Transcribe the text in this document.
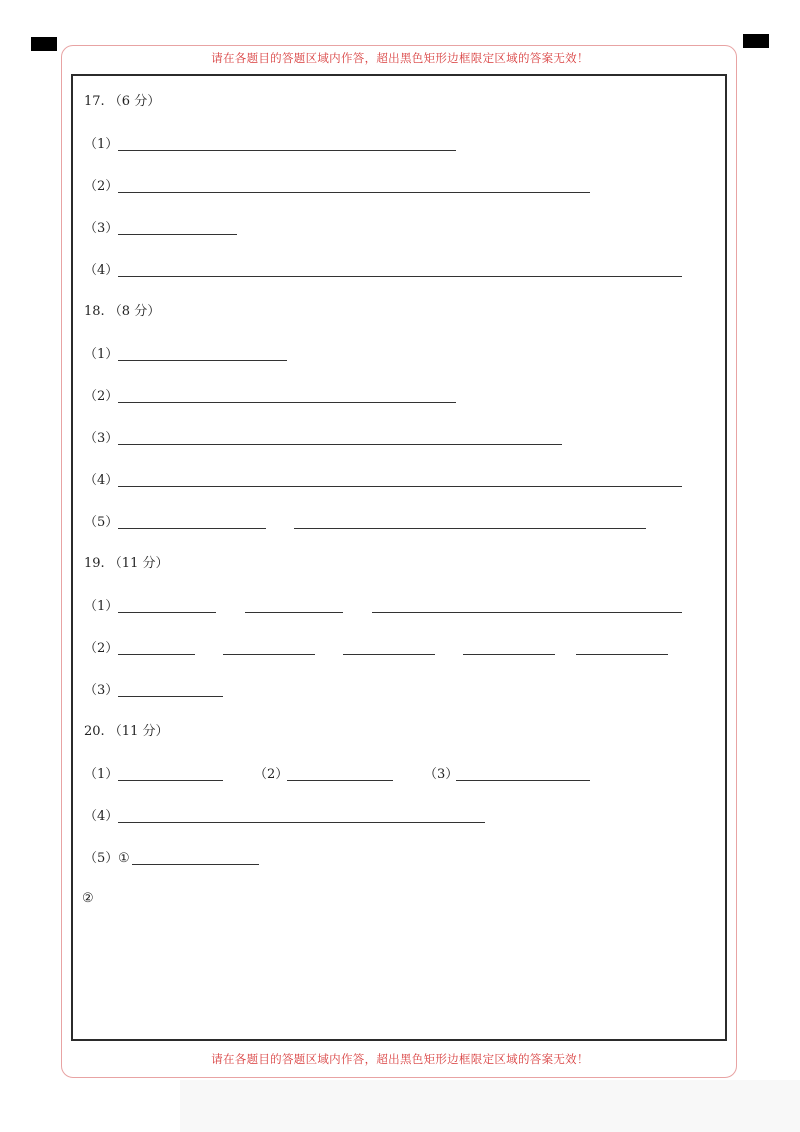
请在各题目的答题区域内作答，超出黑色矩形边框限定区域的答案无效！
请在各题目的答题区域内作答，超出黑色矩形边框限定区域的答案无效！
17. （6 分）
（1）
（2）
（3）
（4）
18. （8 分）
（1）
（2）
（3）
（4）
（5）
19. （11 分）
（1）
（2）
（3）
20. （11 分）
（1）	（2）	（3）
（4）
（5） ①
②
